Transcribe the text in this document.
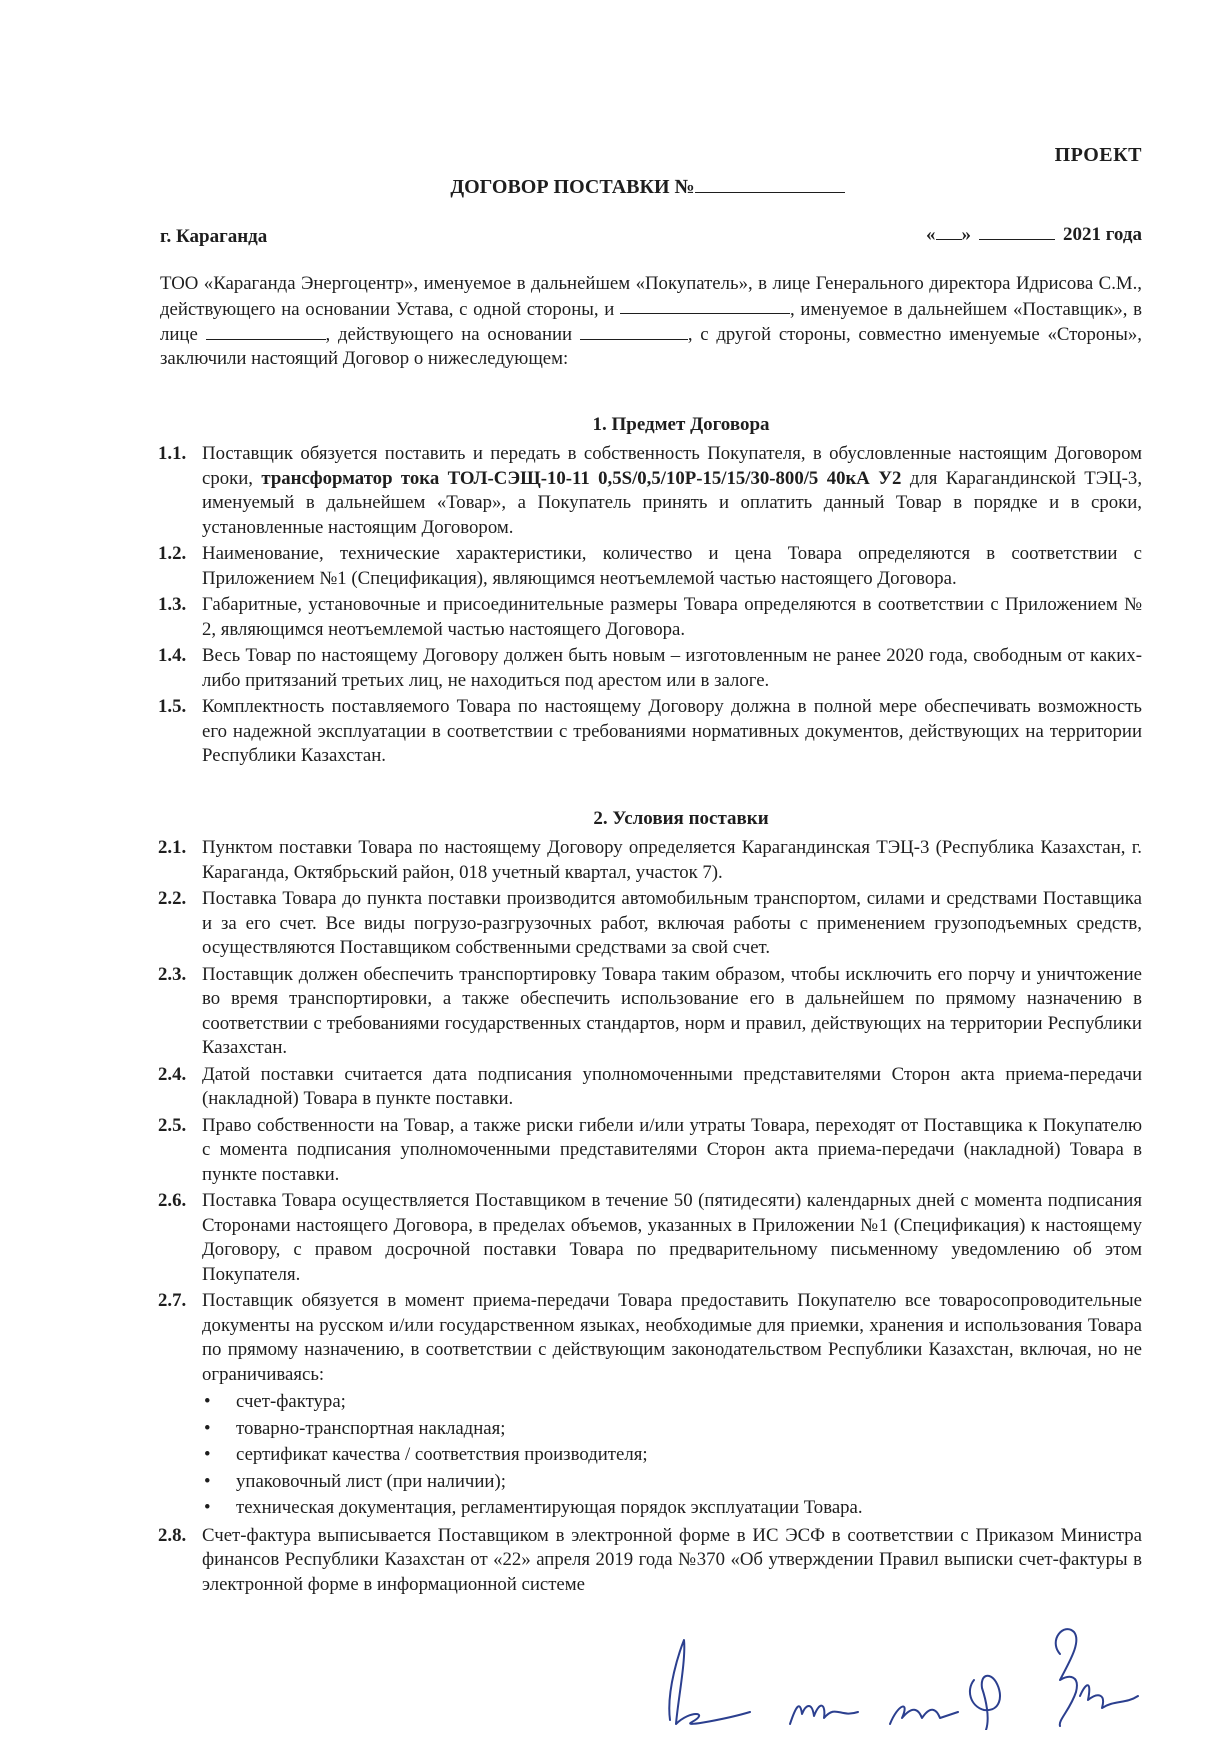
ПРОЕКТ
ДОГОВОР ПОСТАВКИ №
г. Караганда	« »	2021 года
ТОО «Караганда Энергоцентр», именуемое в дальнейшем «Покупатель», в лице Генерального директора Идрисова С.М., действующего на основании Устава, с одной стороны, и	, именуемое в дальнейшем «Поставщик», в лице	, действующего на основании	, с другой стороны, совместно именуемые «Стороны», заключили настоящий Договор о нижеследующем:
1. Предмет Договора
1.1. Поставщик обязуется поставить и передать в собственность Покупателя, в обусловленные настоящим Договором сроки, трансформатор тока ТОЛ-СЭЩ-10-11 0,5S/0,5/10Р-15/15/30-800/5 40кА У2 для Карагандинской ТЭЦ-3, именуемый в дальнейшем «Товар», а Покупатель принять и оплатить данный Товар в порядке и в сроки, установленные настоящим Договором.
1.2. Наименование, технические характеристики, количество и цена Товара определяются в соответствии с Приложением №1 (Спецификация), являющимся неотъемлемой частью настоящего Договора.
1.3. Габаритные, установочные и присоединительные размеры Товара определяются в соответствии с Приложением № 2, являющимся неотъемлемой частью настоящего Договора.
1.4. Весь Товар по настоящему Договору должен быть новым – изготовленным не ранее 2020 года, свободным от каких-либо притязаний третьих лиц, не находиться под арестом или в залоге.
1.5. Комплектность поставляемого Товара по настоящему Договору должна в полной мере обеспечивать возможность его надежной эксплуатации в соответствии с требованиями нормативных документов, действующих на территории Республики Казахстан.
2. Условия поставки
2.1. Пунктом поставки Товара по настоящему Договору определяется Карагандинская ТЭЦ-3 (Республика Казахстан, г. Караганда, Октябрьский район, 018 учетный квартал, участок 7).
2.2. Поставка Товара до пункта поставки производится автомобильным транспортом, силами и средствами Поставщика и за его счет. Все виды погрузо-разгрузочных работ, включая работы с применением грузоподъемных средств, осуществляются Поставщиком собственными средствами за свой счет.
2.3. Поставщик должен обеспечить транспортировку Товара таким образом, чтобы исключить его порчу и уничтожение во время транспортировки, а также обеспечить использование его в дальнейшем по прямому назначению в соответствии с требованиями государственных стандартов, норм и правил, действующих на территории Республики Казахстан.
2.4. Датой поставки считается дата подписания уполномоченными представителями Сторон акта приема-передачи (накладной) Товара в пункте поставки.
2.5. Право собственности на Товар, а также риски гибели и/или утраты Товара, переходят от Поставщика к Покупателю с момента подписания уполномоченными представителями Сторон акта приема-передачи (накладной) Товара в пункте поставки.
2.6. Поставка Товара осуществляется Поставщиком в течение 50 (пятидесяти) календарных дней с момента подписания Сторонами настоящего Договора, в пределах объемов, указанных в Приложении №1 (Спецификация) к настоящему Договору, с правом досрочной поставки Товара по предварительному письменному уведомлению об этом Покупателя.
2.7. Поставщик обязуется в момент приема-передачи Товара предоставить Покупателю все товаросопроводительные документы на русском и/или государственном языках, необходимые для приемки, хранения и использования Товара по прямому назначению, в соответствии с действующим законодательством Республики Казахстан, включая, но не ограничиваясь:
• счет-фактура;
• товарно-транспортная накладная;
• сертификат качества / соответствия производителя;
• упаковочный лист (при наличии);
• техническая документация, регламентирующая порядок эксплуатации Товара.
2.8. Счет-фактура выписывается Поставщиком в электронной форме в ИС ЭСФ в соответствии с Приказом Министра финансов Республики Казахстан от «22» апреля 2019 года №370 «Об утверждении Правил выписки счет-фактуры в электронной форме в информационной системе
